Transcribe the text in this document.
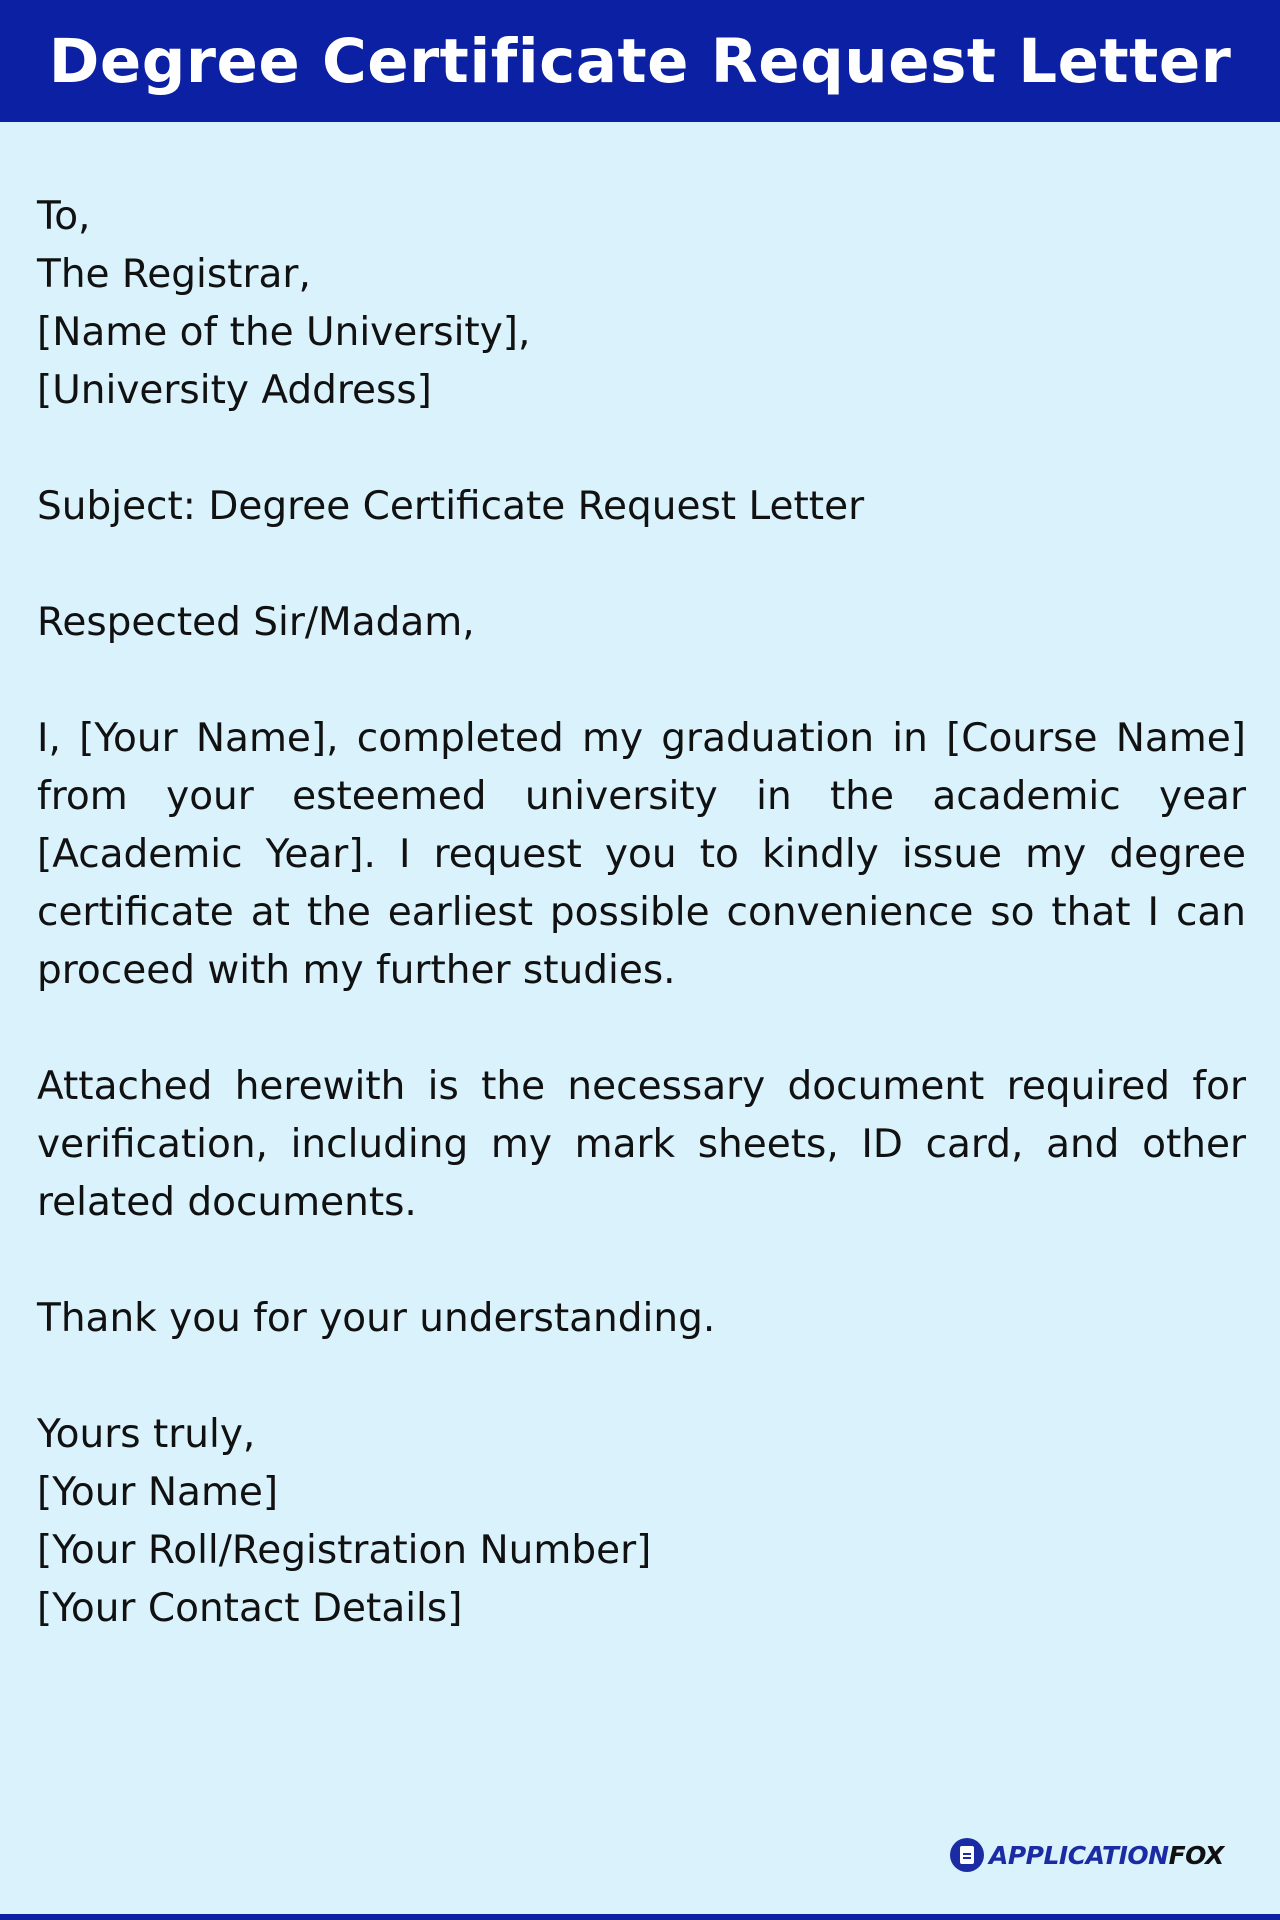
Degree Certificate Request Letter
To,
The Registrar,
[Name of the University],
[University Address]
Subject: Degree Certificate Request Letter
Respected Sir/Madam,
I, [Your Name], completed my graduation in [Course Name] from your esteemed university in the academic year [Academic Year]. I request you to kindly issue my degree certificate at the earliest possible convenience so that I can proceed with my further studies.
Attached herewith is the necessary document required for verification, including my mark sheets, ID card, and other related documents.
Thank you for your understanding.
Yours truly,
[Your Name]
[Your Roll/Registration Number]
[Your Contact Details]
APPLICATIONFOX
